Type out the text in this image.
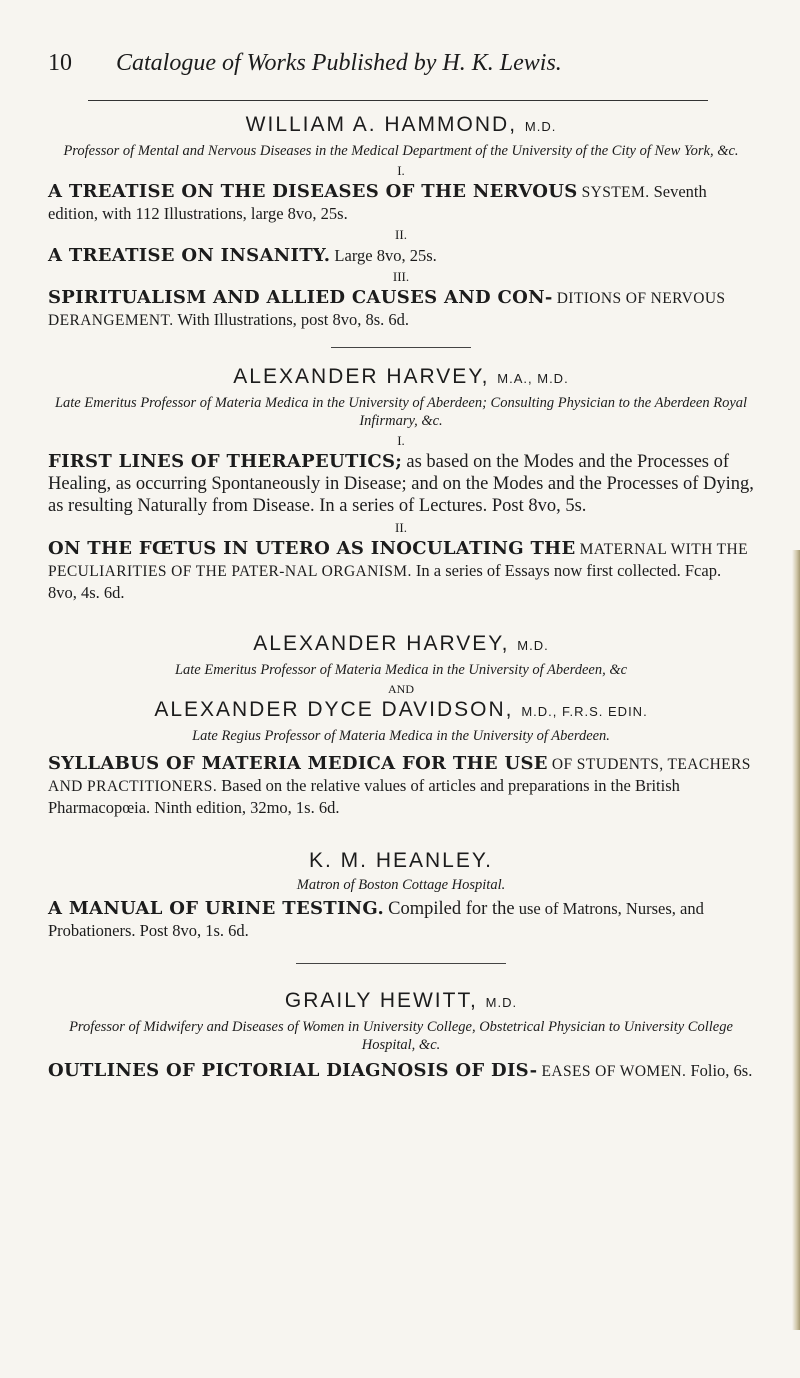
10 Catalogue of Works Published by H. K. Lewis.

WILLIAM A. HAMMOND, M.D.

Professor of Mental and Nervous Diseases in the Medical Department of the University of the City of New York, &c.

I.

A TREATISE ON THE DISEASES OF THE NERVOUS SYSTEM. Seventh edition, with 112 Illustrations, large 8vo, 25s.

II.

A TREATISE ON INSANITY. Large 8vo, 25s.

III.

SPIRITUALISM AND ALLIED CAUSES AND CON- DITIONS OF NERVOUS DERANGEMENT. With Illustrations, post 8vo, 8s. 6d.

ALEXANDER HARVEY, M.A., M.D.

Late Emeritus Professor of Materia Medica in the University of Aberdeen; Consulting Physician to the Aberdeen Royal Infirmary, &c.

I.

FIRST LINES OF THERAPEUTICS; as based on the Modes and the Processes of Healing, as occurring Spontaneously in Disease; and on the Modes and the Processes of Dying, as resulting Naturally from Disease. In a series of Lectures. Post 8vo, 5s.

II.

ON THE FŒTUS IN UTERO AS INOCULATING THE MATERNAL WITH THE PECULIARITIES OF THE PATER-NAL ORGANISM. In a series of Essays now first collected. Fcap. 8vo, 4s. 6d.

ALEXANDER HARVEY, M.D.

Late Emeritus Professor of Materia Medica in the University of Aberdeen, &c

AND

ALEXANDER DYCE DAVIDSON, M.D., F.R.S. EDIN.

Late Regius Professor of Materia Medica in the University of Aberdeen.

SYLLABUS OF MATERIA MEDICA FOR THE USE OF STUDENTS, TEACHERS AND PRACTITIONERS. Based on the relative values of articles and preparations in the British Pharmacopœia. Ninth edition, 32mo, 1s. 6d.

K. M. HEANLEY.

Matron of Boston Cottage Hospital.

A MANUAL OF URINE TESTING. Compiled for the use of Matrons, Nurses, and Probationers. Post 8vo, 1s. 6d.

GRAILY HEWITT, M.D.

Professor of Midwifery and Diseases of Women in University College, Obstetrical Physician to University College Hospital, &c.

OUTLINES OF PICTORIAL DIAGNOSIS OF DIS- EASES OF WOMEN. Folio, 6s.
